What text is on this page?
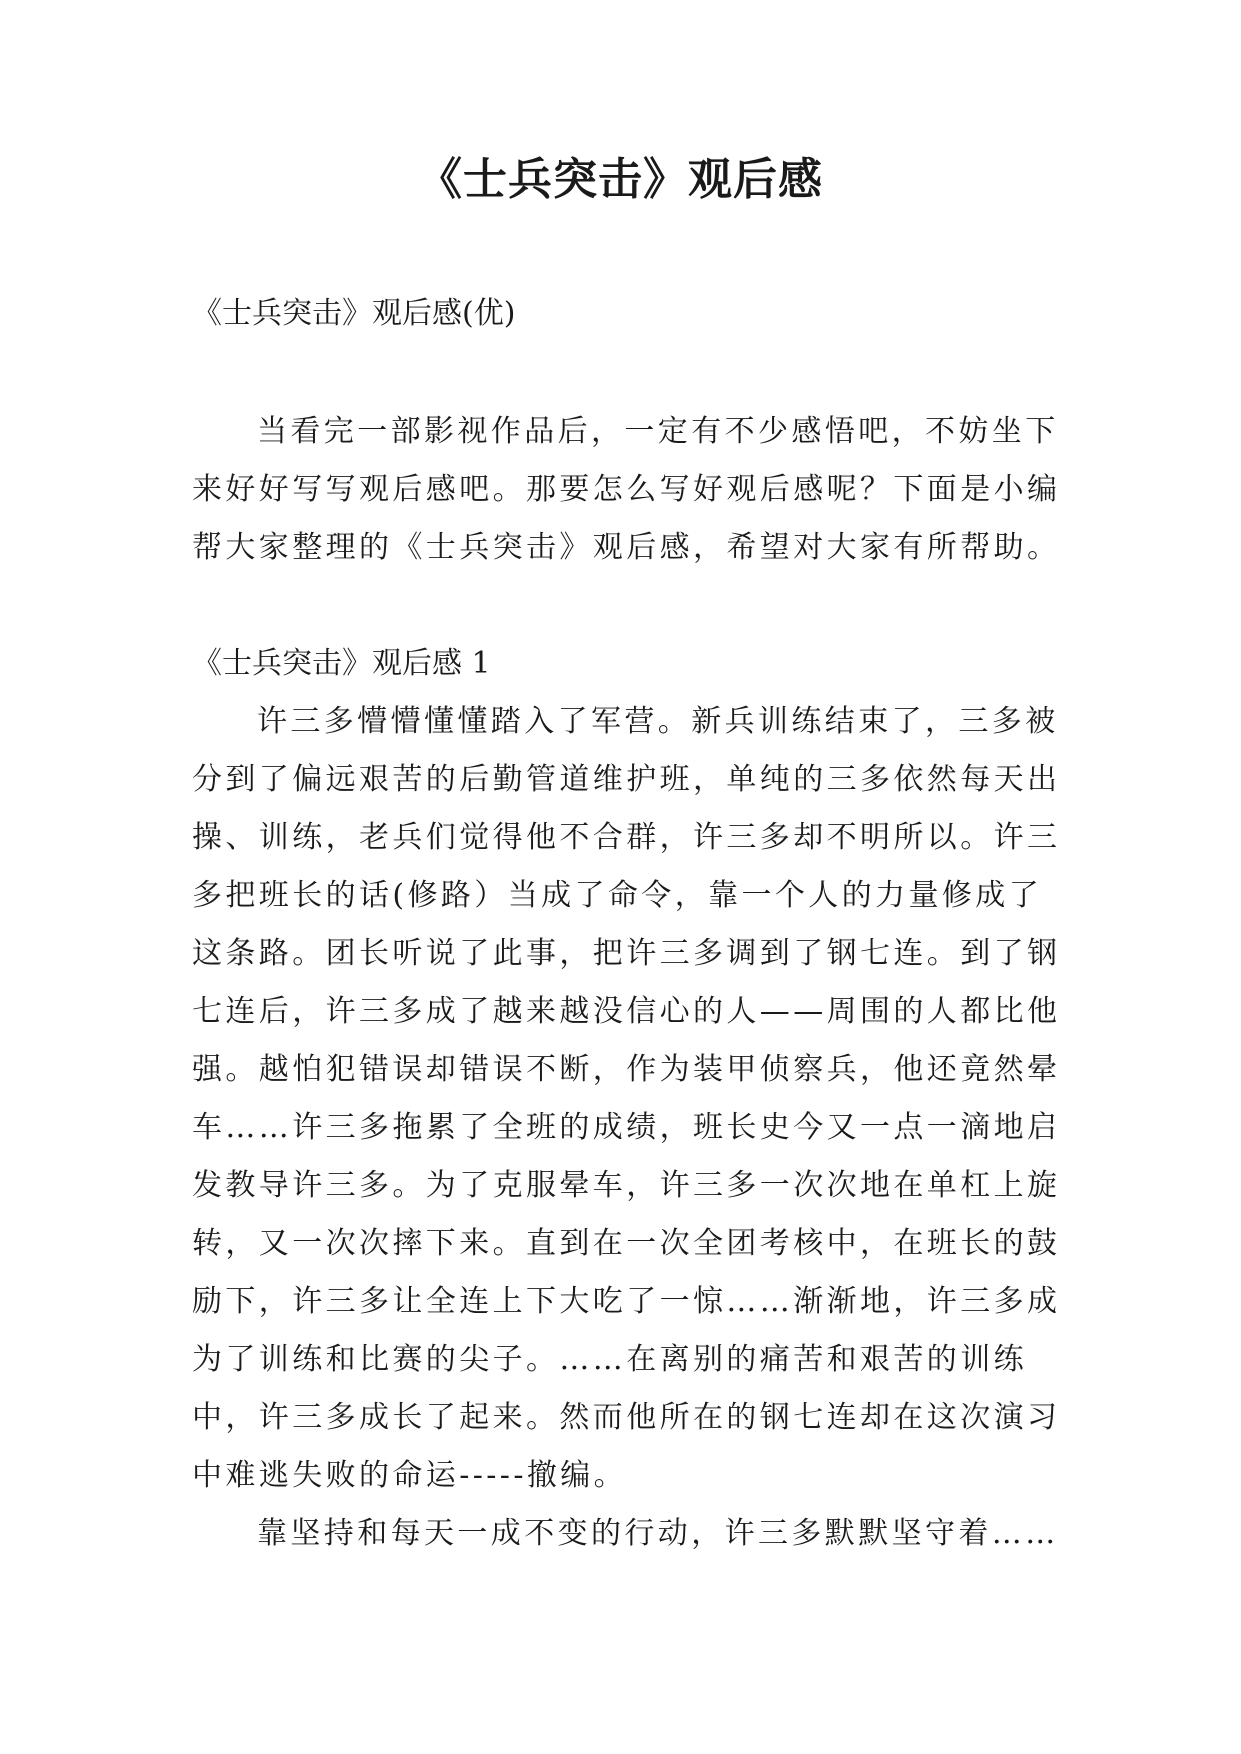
《士兵突击》观后感

《士兵突击》观后感(优)

当看完一部影视作品后，一定有不少感悟吧，不妨坐下

来好好写写观后感吧。那要怎么写好观后感呢？下面是小编

帮大家整理的《士兵突击》观后感，希望对大家有所帮助。

《士兵突击》观后感 1

许三多懵懵懂懂踏入了军营。新兵训练结束了，三多被

分到了偏远艰苦的后勤管道维护班，单纯的三多依然每天出

操、训练，老兵们觉得他不合群，许三多却不明所以。许三

多把班长的话(修路）当成了命令，靠一个人的力量修成了

这条路。团长听说了此事，把许三多调到了钢七连。到了钢

七连后，许三多成了越来越没信心的人——周围的人都比他

强。越怕犯错误却错误不断，作为装甲侦察兵，他还竟然晕

车……许三多拖累了全班的成绩，班长史今又一点一滴地启

发教导许三多。为了克服晕车，许三多一次次地在单杠上旋

转，又一次次摔下来。直到在一次全团考核中，在班长的鼓

励下，许三多让全连上下大吃了一惊……渐渐地，许三多成

为了训练和比赛的尖子。……在离别的痛苦和艰苦的训练

中，许三多成长了起来。然而他所在的钢七连却在这次演习

中难逃失败的命运-----撤编。

靠坚持和每天一成不变的行动，许三多默默坚守着……
